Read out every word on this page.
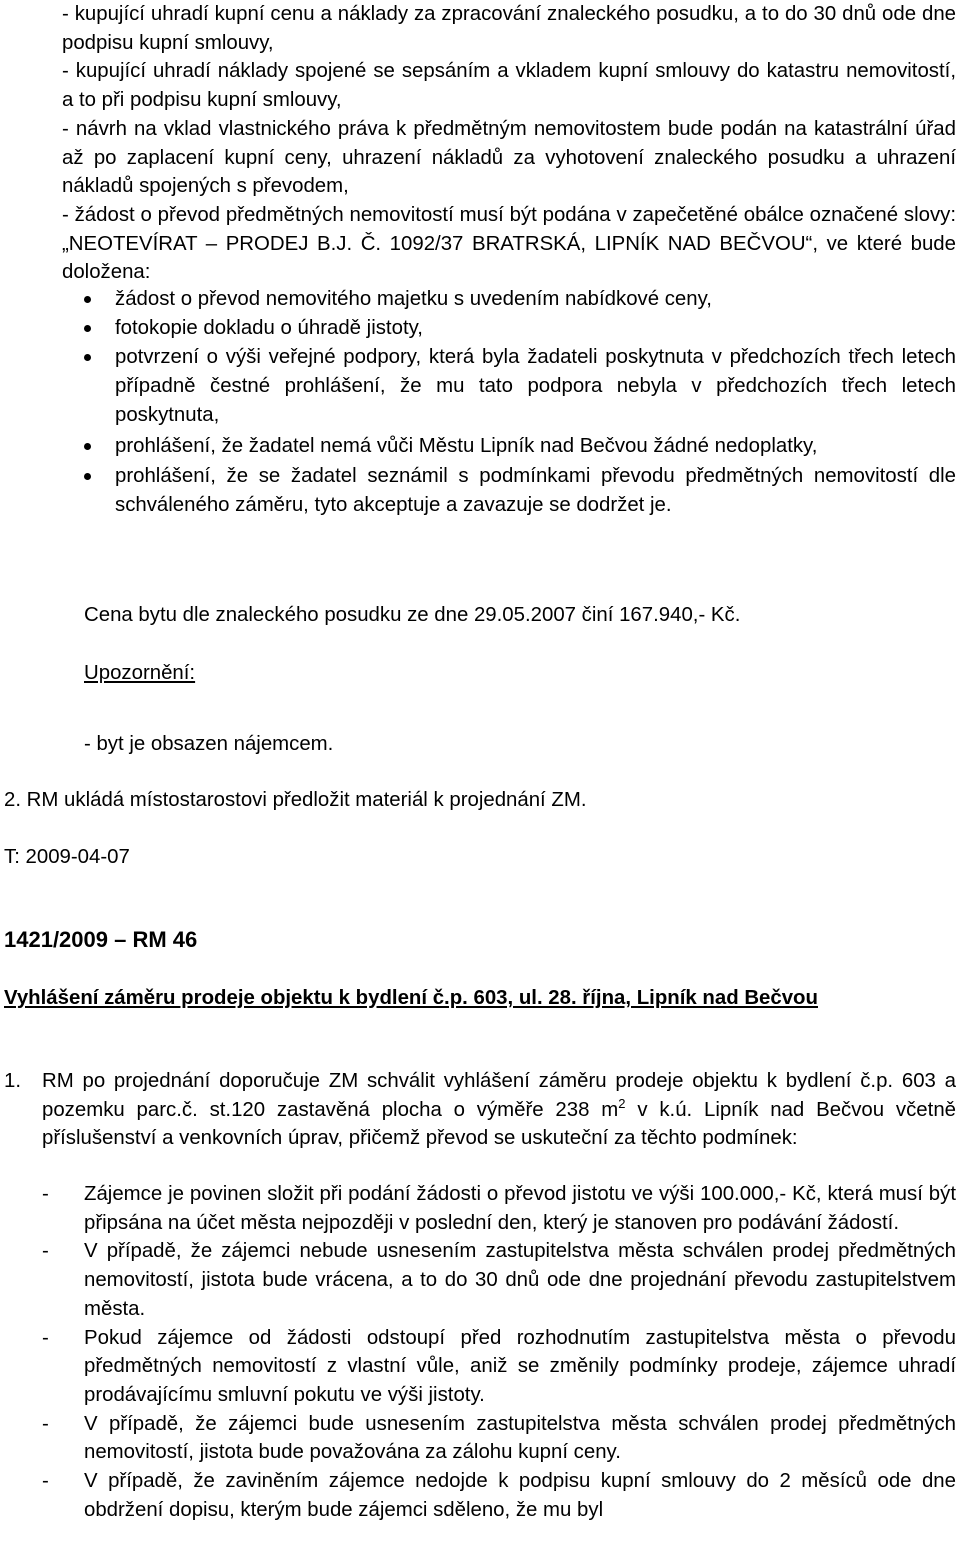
- kupující uhradí kupní cenu a náklady za zpracování znaleckého posudku, a to do 30 dnů ode dne podpisu kupní smlouvy,

- kupující uhradí náklady spojené se sepsáním a vkladem kupní smlouvy do katastru nemovitostí, a to při podpisu kupní smlouvy,

- návrh na vklad vlastnického práva k předmětným nemovitostem bude podán na katastrální úřad až po zaplacení kupní ceny, uhrazení nákladů za vyhotovení znaleckého posudku a uhrazení nákladů spojených s převodem,

- žádost o převod předmětných nemovitostí musí být podána v zapečetěné obálce označené slovy: „NEOTEVÍRAT – PRODEJ B.J. Č. 1092/37 BRATRSKÁ, LIPNÍK NAD BEČVOU“, ve které bude doložena:

žádost o převod nemovitého majetku s uvedením nabídkové ceny,
fotokopie dokladu o úhradě jistoty,
potvrzení o výši veřejné podpory, která byla žadateli poskytnuta v předchozích třech letech případně čestné prohlášení, že mu tato podpora nebyla v předchozích třech letech poskytnuta,
prohlášení, že žadatel nemá vůči Městu Lipník nad Bečvou žádné nedoplatky,
prohlášení, že se žadatel seznámil s podmínkami převodu předmětných nemovitostí dle schváleného záměru, tyto akceptuje a zavazuje se dodržet je.

Cena bytu dle znaleckého posudku ze dne 29.05.2007 činí 167.940,- Kč.

Upozornění:

- byt je obsazen nájemcem.

2. RM ukládá místostarostovi předložit materiál k projednání ZM.

T: 2009-04-07

1421/2009 – RM 46

Vyhlášení záměru prodeje objektu k bydlení č.p. 603, ul. 28. října, Lipník nad Bečvou

1. RM po projednání doporučuje ZM schválit vyhlášení záměru prodeje objektu k bydlení č.p. 603 a pozemku parc.č. st.120 zastavěná plocha o výměře 238 $m^2$ v k.ú. Lipník nad Bečvou včetně příslušenství a venkovních úprav, přičemž převod se uskuteční za těchto podmínek:

- Zájemce je povinen složit při podání žádosti o převod jistotu ve výši 100.000,- Kč, která musí být připsána na účet města nejpozději v poslední den, který je stanoven pro podávání žádostí.
- V případě, že zájemci nebude usnesením zastupitelstva města schválen prodej předmětných nemovitostí, jistota bude vrácena, a to do 30 dnů ode dne projednání převodu zastupitelstvem města.
- Pokud zájemce od žádosti odstoupí před rozhodnutím zastupitelstva města o převodu předmětných nemovitostí z vlastní vůle, aniž se změnily podmínky prodeje, zájemce uhradí prodávajícímu smluvní pokutu ve výši jistoty.
- V případě, že zájemci bude usnesením zastupitelstva města schválen prodej předmětných nemovitostí, jistota bude považována za zálohu kupní ceny.
- V případě, že zaviněním zájemce nedojde k podpisu kupní smlouvy do 2 měsíců ode dne obdržení dopisu, kterým bude zájemci sděleno, že mu byl
